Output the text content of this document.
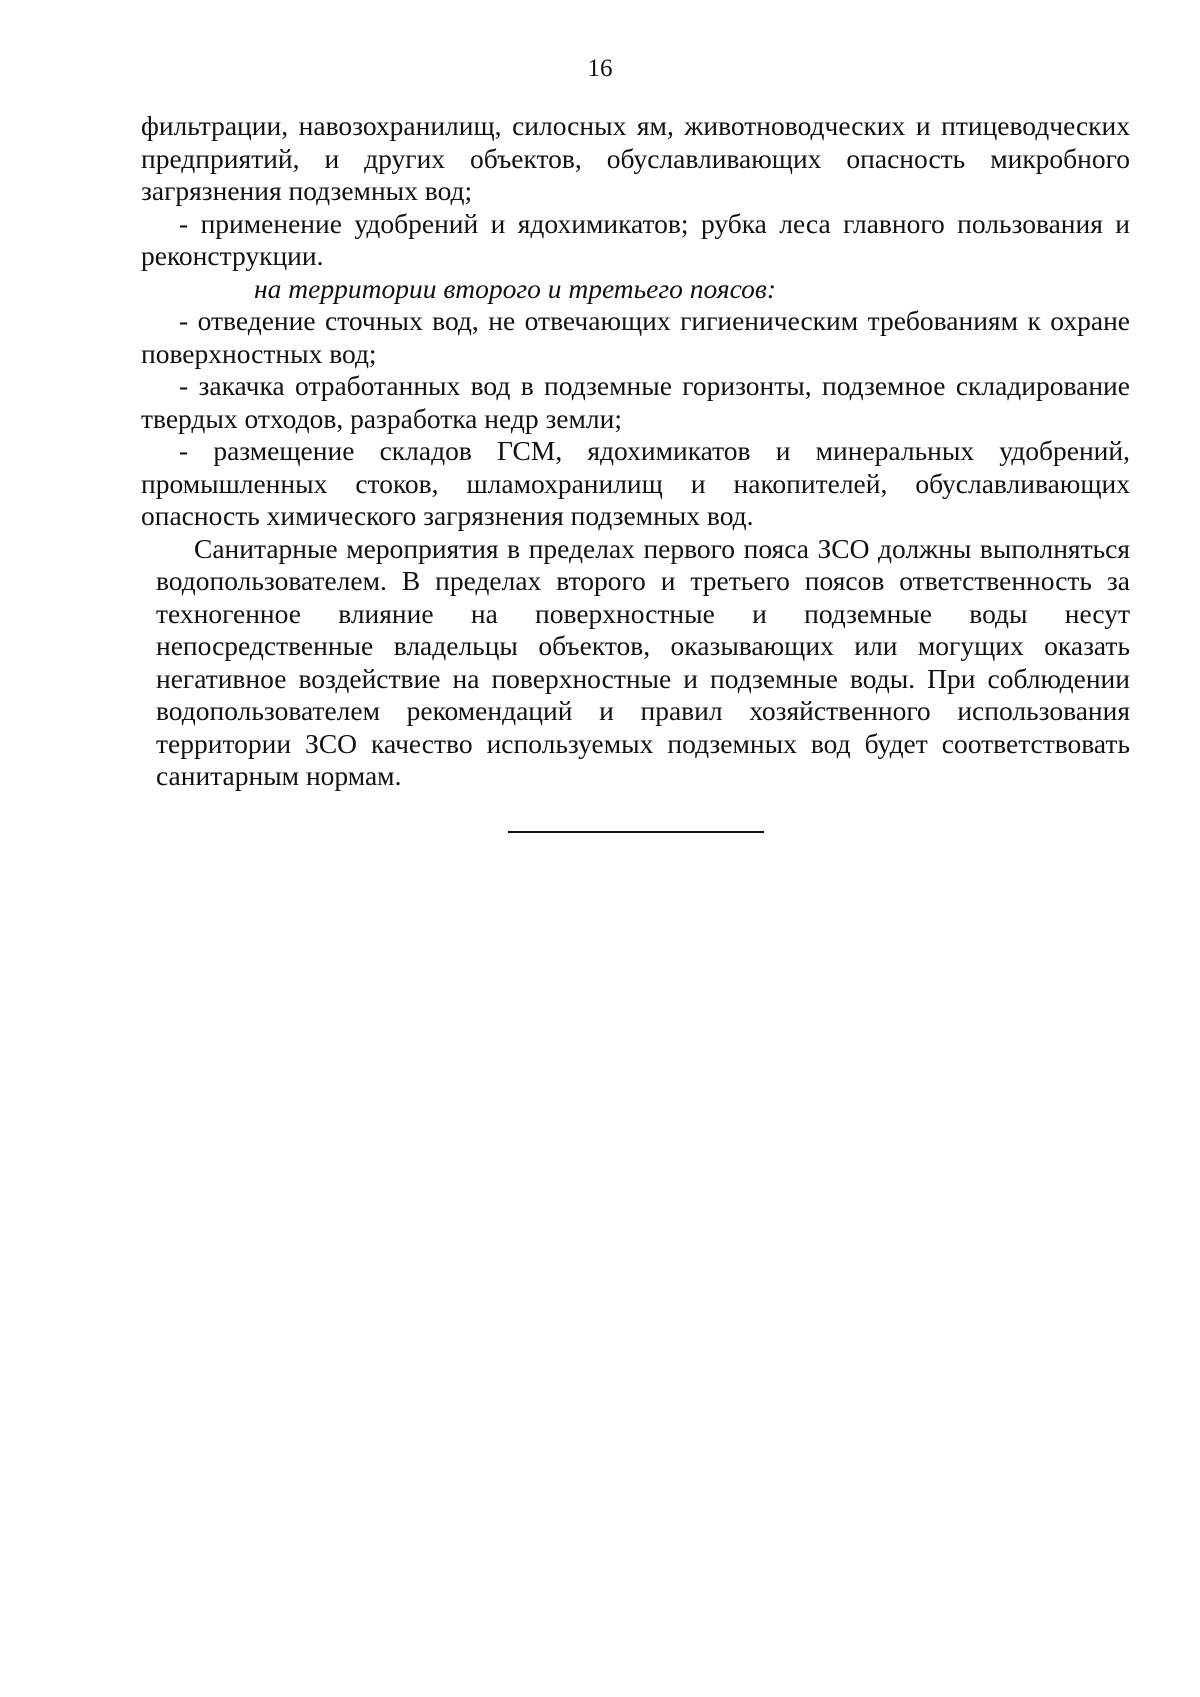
16

фильтрации, навозохранилищ, силосных ям, животноводческих и птицеводческих предприятий, и других объектов, обуславливающих опасность микробного загрязнения подземных вод;

- применение удобрений и ядохимикатов; рубка леса главного пользования и реконструкции.

на территории второго и третьего поясов:

- отведение сточных вод, не отвечающих гигиеническим требованиям к охране поверхностных вод;

- закачка отработанных вод в подземные горизонты, подземное складирование твердых отходов, разработка недр земли;

- размещение складов ГСМ, ядохимикатов и минеральных удобрений, промышленных стоков, шламохранилищ и накопителей, обуславливающих опасность химического загрязнения подземных вод.

Санитарные мероприятия в пределах первого пояса ЗСО должны выполняться водопользователем. В пределах второго и третьего поясов ответственность за техногенное влияние на поверхностные и подземные воды несут непосредственные владельцы объектов, оказывающих или могущих оказать негативное воздействие на поверхностные и подземные воды. При соблюдении водопользователем рекомендаций и правил хозяйственного использования территории ЗСО качество используемых подземных вод будет соответствовать санитарным нормам.
